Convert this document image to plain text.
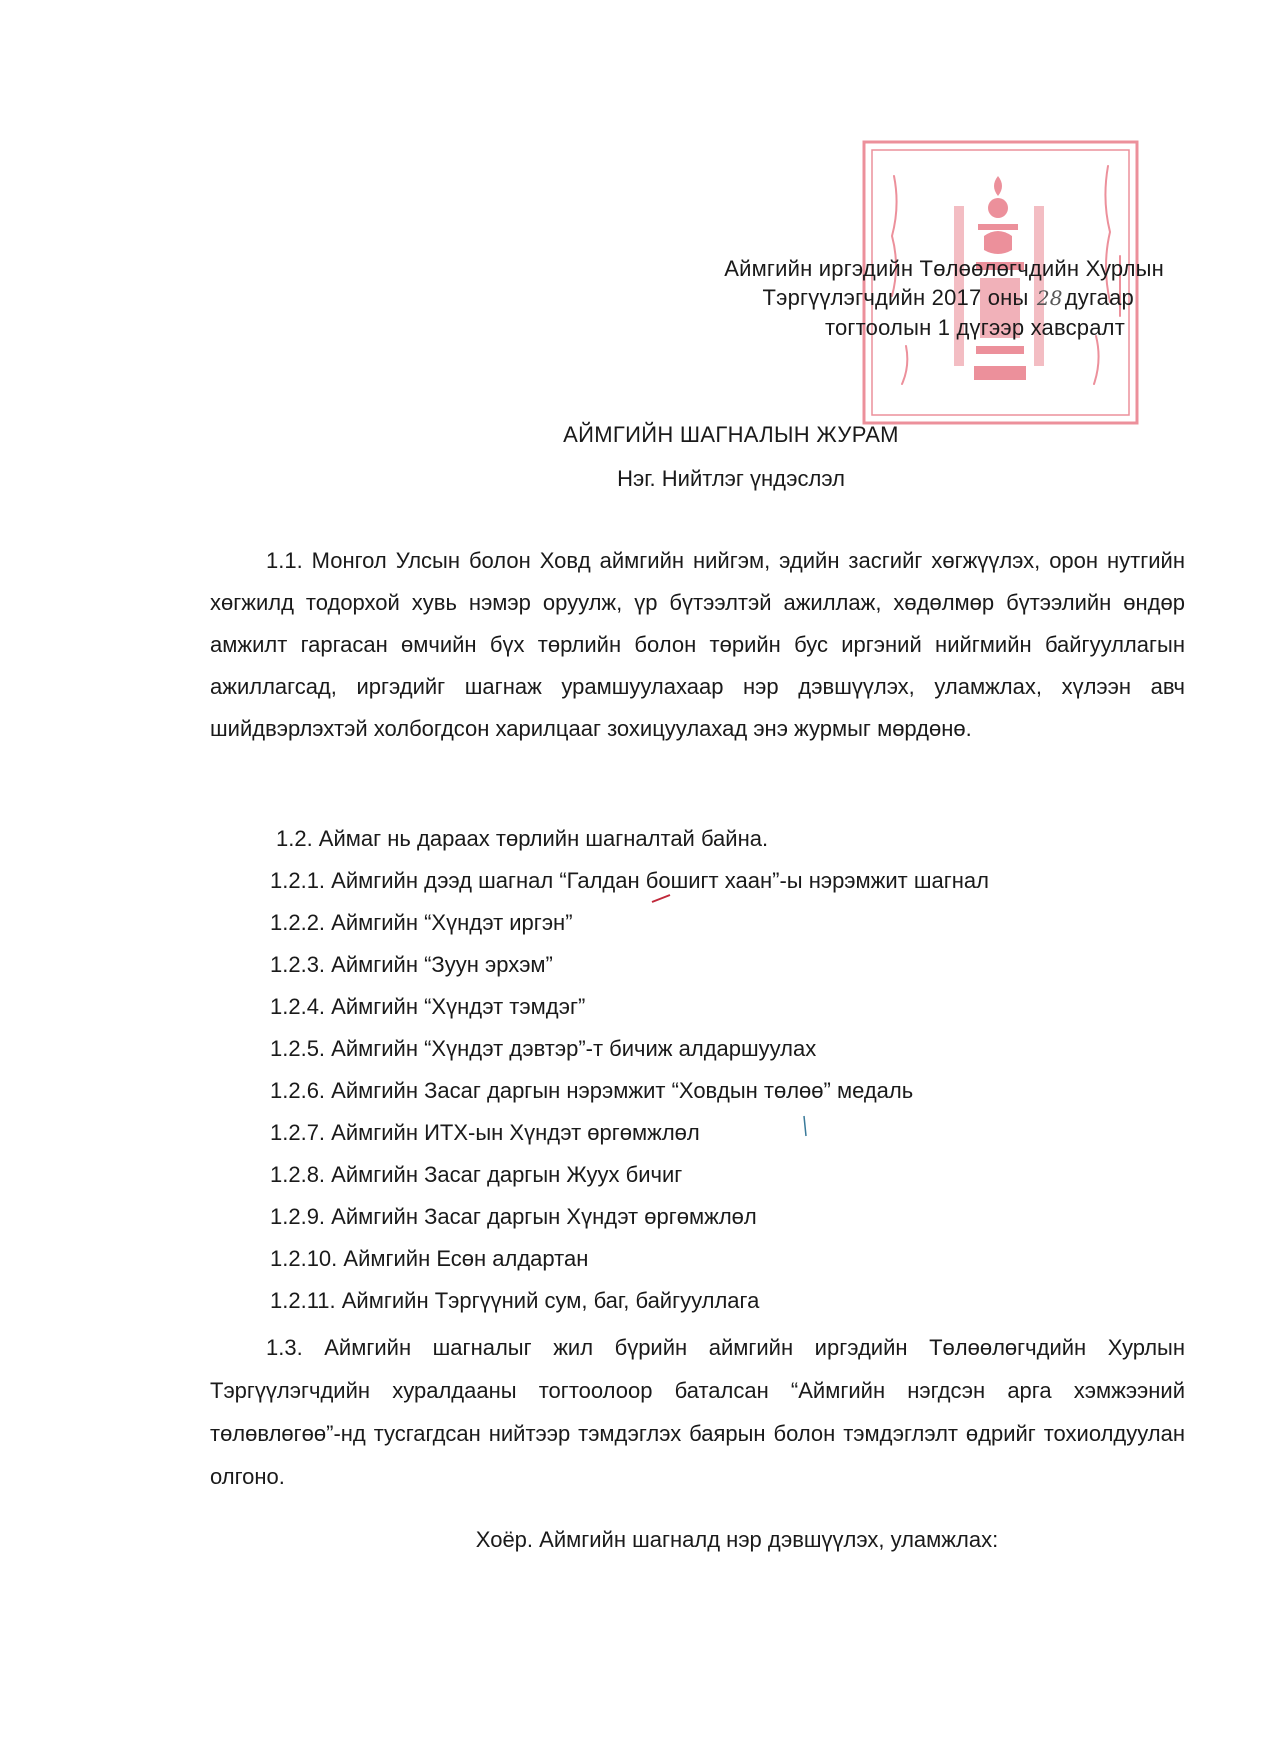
Аймгийн иргэдийн Төлөөлөгчдийн Хурлын
Тэргүүлэгчдийн 2017 оны 28дугаар
тогтоолын 1 дүгээр хавсралт
АЙМГИЙН ШАГНАЛЫН ЖУРАМ
Нэг. Нийтлэг үндэслэл
1.1. Монгол Улсын болон Ховд аймгийн нийгэм, эдийн засгийг хөгжүүлэх, орон нутгийн хөгжилд тодорхой хувь нэмэр оруулж, үр бүтээлтэй ажиллаж, хөдөлмөр бүтээлийн өндөр амжилт гаргасан өмчийн бүх төрлийн болон төрийн бус иргэний нийгмийн байгууллагын ажиллагсад, иргэдийг шагнаж урамшуулахаар нэр дэвшүүлэх, уламжлах, хүлээн авч шийдвэрлэхтэй холбогдсон харилцааг зохицуулахад энэ журмыг мөрдөнө.
1.2. Аймаг нь дараах төрлийн шагналтай байна.
1.2.1. Аймгийн дээд шагнал “Галдан бошигт хаан”-ы нэрэмжит шагнал
1.2.2. Аймгийн “Хүндэт иргэн”
1.2.3. Аймгийн “Зуун эрхэм”
1.2.4. Аймгийн “Хүндэт тэмдэг”
1.2.5. Аймгийн “Хүндэт дэвтэр”-т бичиж алдаршуулах
1.2.6. Аймгийн Засаг даргын нэрэмжит “Ховдын төлөө” медаль
1.2.7. Аймгийн ИТХ-ын Хүндэт өргөмжлөл
1.2.8. Аймгийн Засаг даргын Жуух бичиг
1.2.9. Аймгийн Засаг даргын Хүндэт өргөмжлөл
1.2.10. Аймгийн Есөн алдартан
1.2.11. Аймгийн Тэргүүний сум, баг, байгууллага
1.3. Аймгийн шагналыг жил бүрийн аймгийн иргэдийн Төлөөлөгчдийн Хурлын Тэргүүлэгчдийн хуралдааны тогтоолоор баталсан “Аймгийн нэгдсэн арга хэмжээний төлөвлөгөө”-нд тусгагдсан нийтээр тэмдэглэх баярын болон тэмдэглэлт өдрийг тохиолдуулан олгоно.
Хоёр. Аймгийн шагналд нэр дэвшүүлэх, уламжлах:
